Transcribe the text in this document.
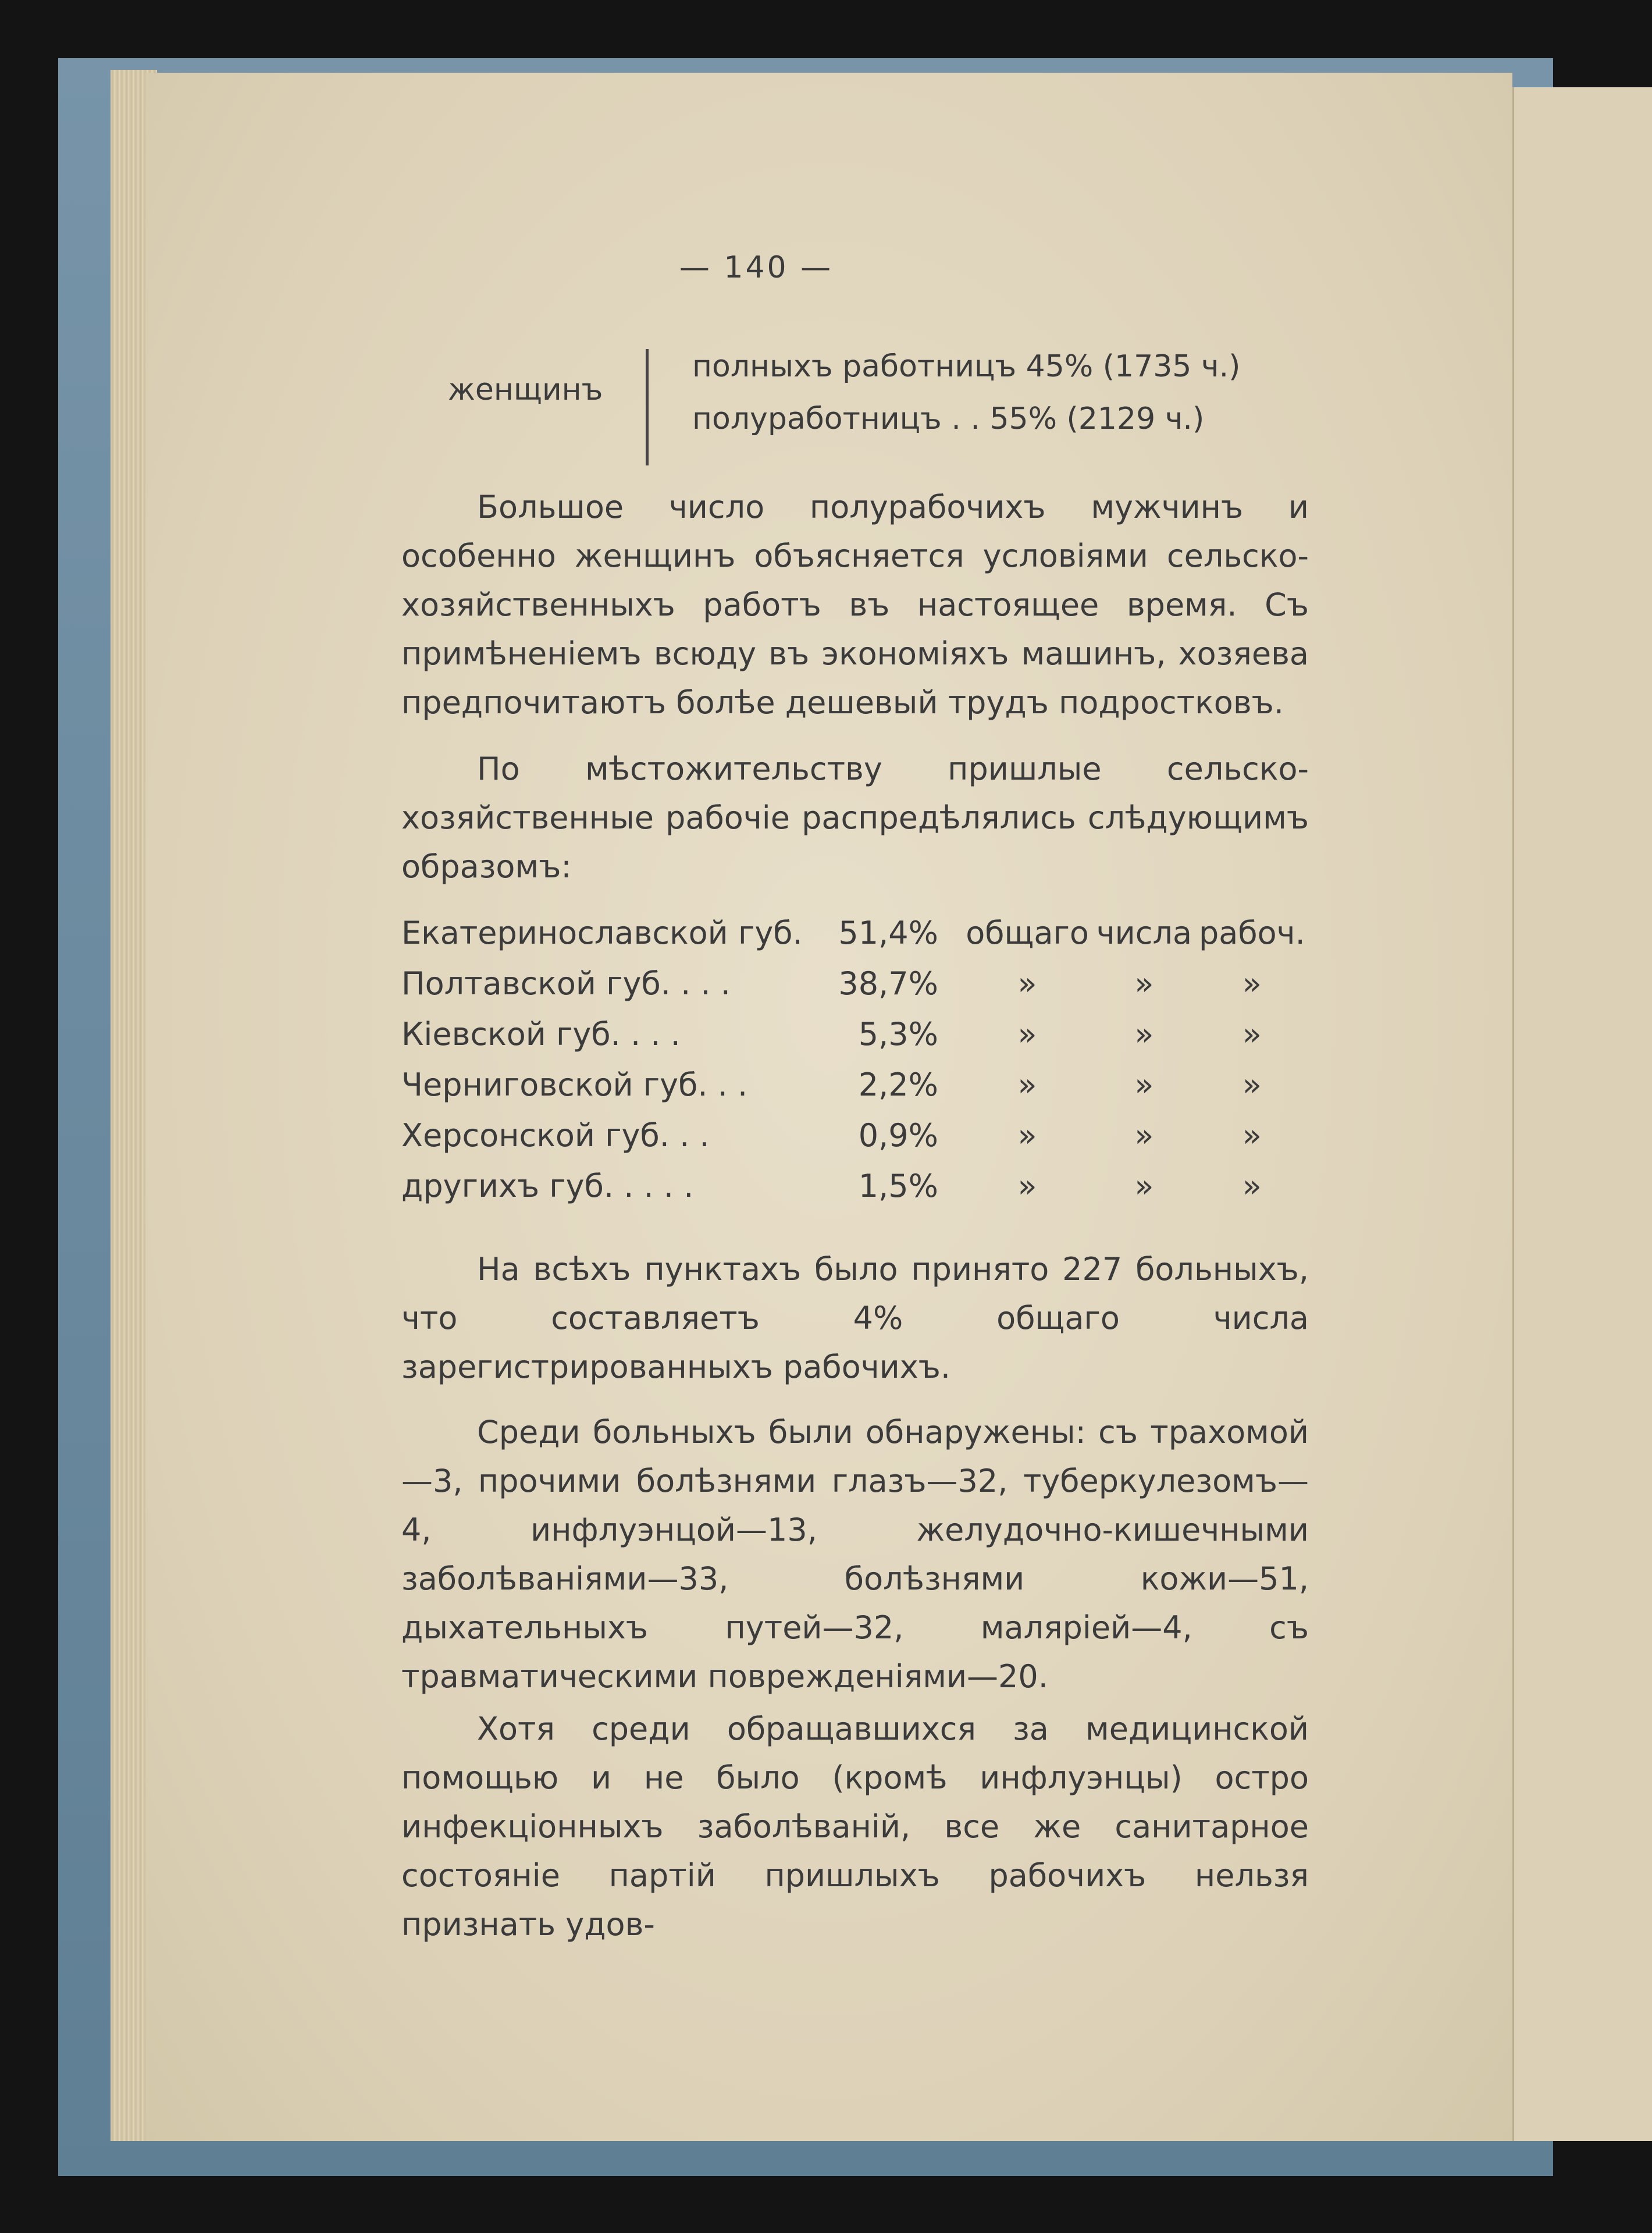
— 140 —
женщинъ
полныхъ работницъ 45% (1735 ч.)
полуработницъ . . 55% (2129 ч.)

Большое число полурабочихъ мужчинъ и особенно женщинъ объясняется условіями сельско-хозяйственныхъ работъ въ настоящее время. Съ примѣненіемъ всюду въ экономіяхъ машинъ, хозяева предпочитаютъ болѣе дешевый трудъ подростковъ.

По мѣстожительству пришлые сельско-хозяйственные рабочіе распредѣлялись слѣдующимъ образомъ:

Екатеринославской губ.	51,4%	общаго	числа	рабоч.
Полтавской губ. . . .	38,7%	»	»	»
Кіевской губ. . . .	5,3%	»	»	»
Черниговской губ. . .	2,2%	»	»	»
Херсонской губ. . .	0,9%	»	»	»
другихъ губ. . . . .	1,5%	»	»	»

На всѣхъ пунктахъ было принято 227 больныхъ, что составляетъ 4% общаго числа зарегистрированныхъ рабочихъ.

Среди больныхъ были обнаружены: съ трахомой—3, прочими болѣзнями глазъ—32, туберкулезомъ—4, инфлуэнцой—13, желудочно-кишечными заболѣваніями—33, болѣзнями кожи—51, дыхательныхъ путей—32, малярiей—4, съ травматическими поврежденіями—20.

Хотя среди обращавшихся за медицинской помощью и не было (кромѣ инфлуэнцы) остро инфекціонныхъ заболѣваній, все же санитарное состояніе партій пришлыхъ рабочихъ нельзя признать удов-
